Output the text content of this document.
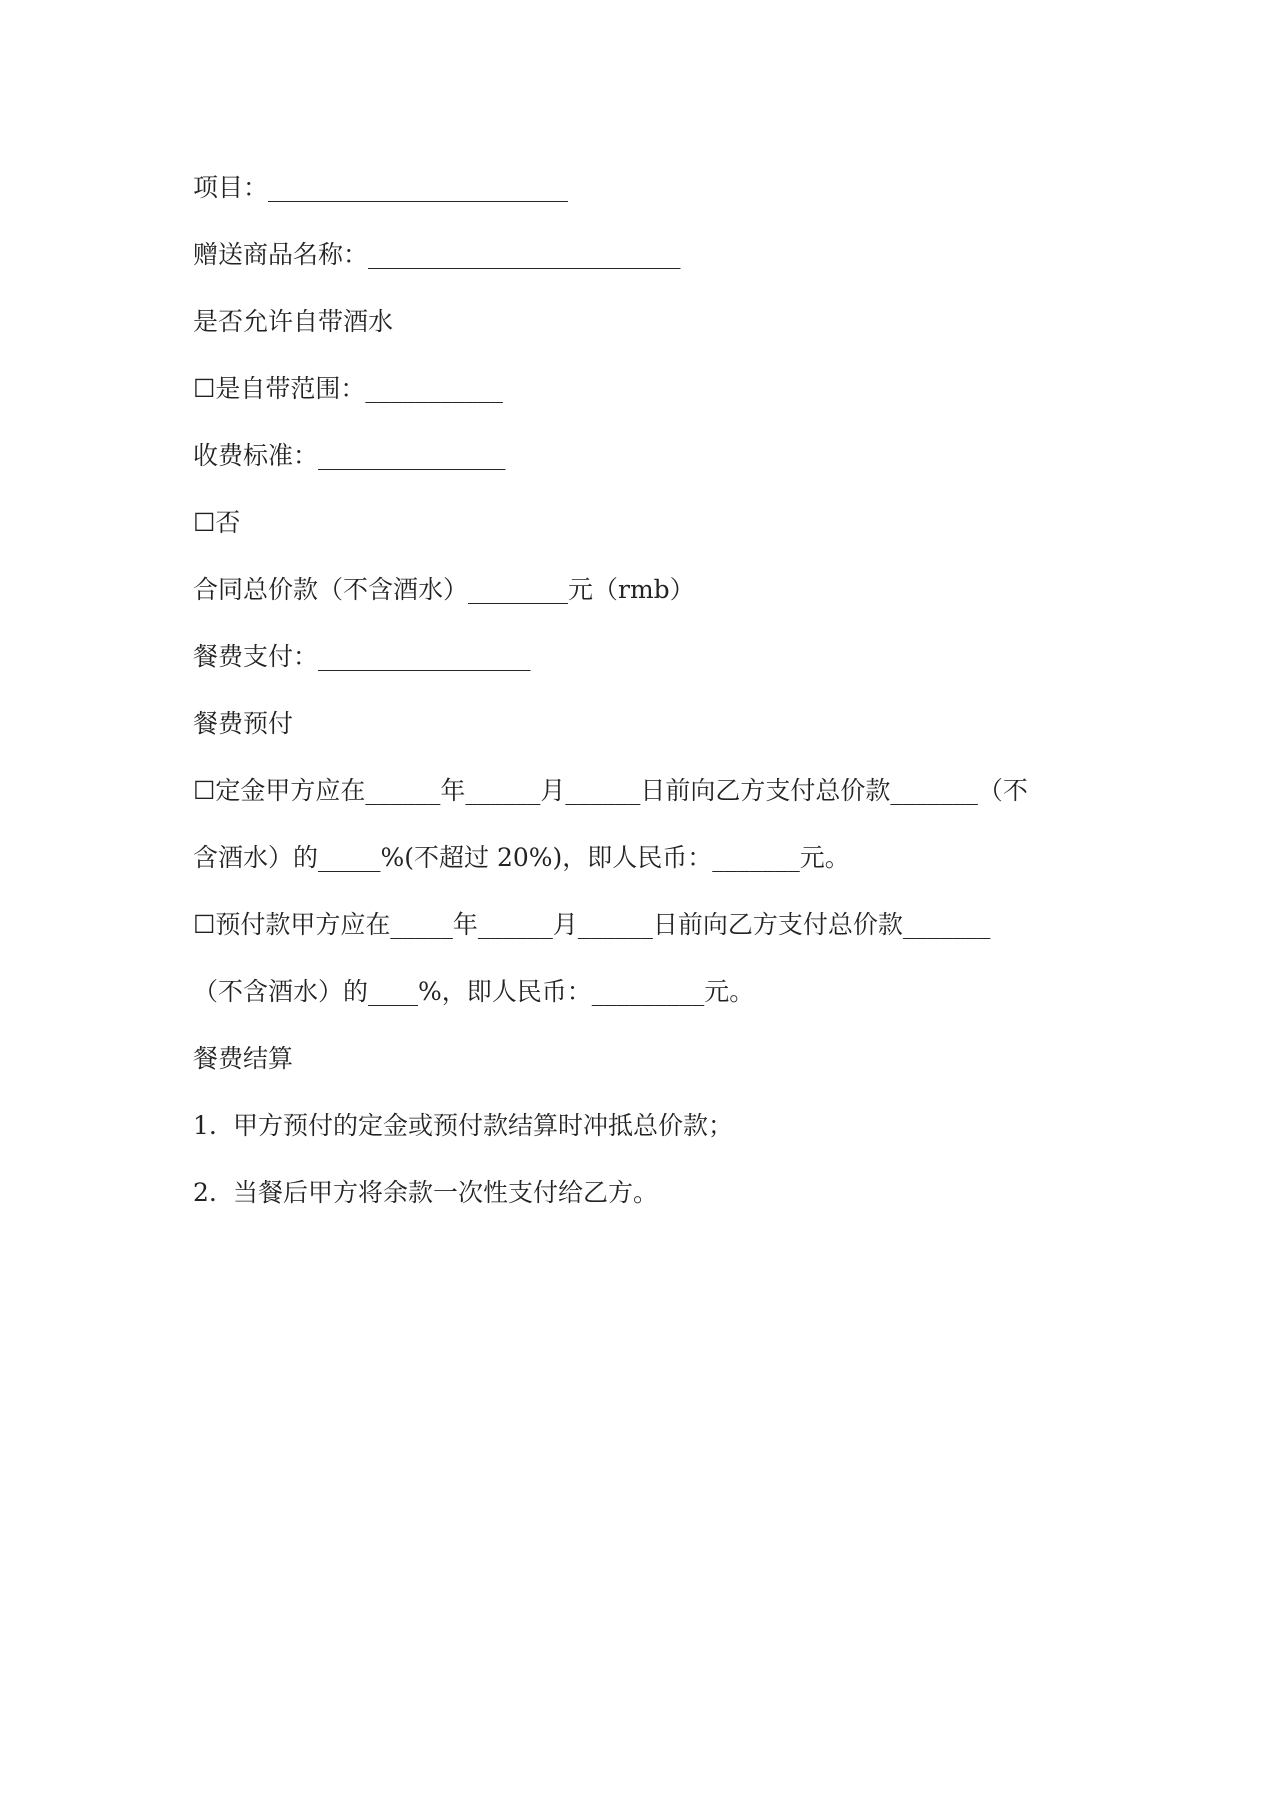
项目：________________________
赠送商品名称：_________________________
是否允许自带酒水
☐是自带范围：___________
收费标准：_______________
☐否
合同总价款（不含酒水）________元（rmb）
餐费支付：_________________
餐费预付
☐定金甲方应在______年______月______日前向乙方支付总价款_______（不
含酒水）的_____%(不超过 20%)，即人民币：_______元。
☐预付款甲方应在_____年______月______日前向乙方支付总价款_______
（不含酒水）的____%，即人民币：_________元。
餐费结算
1. 甲方预付的定金或预付款结算时冲抵总价款；
2. 当餐后甲方将余款一次性支付给乙方。
